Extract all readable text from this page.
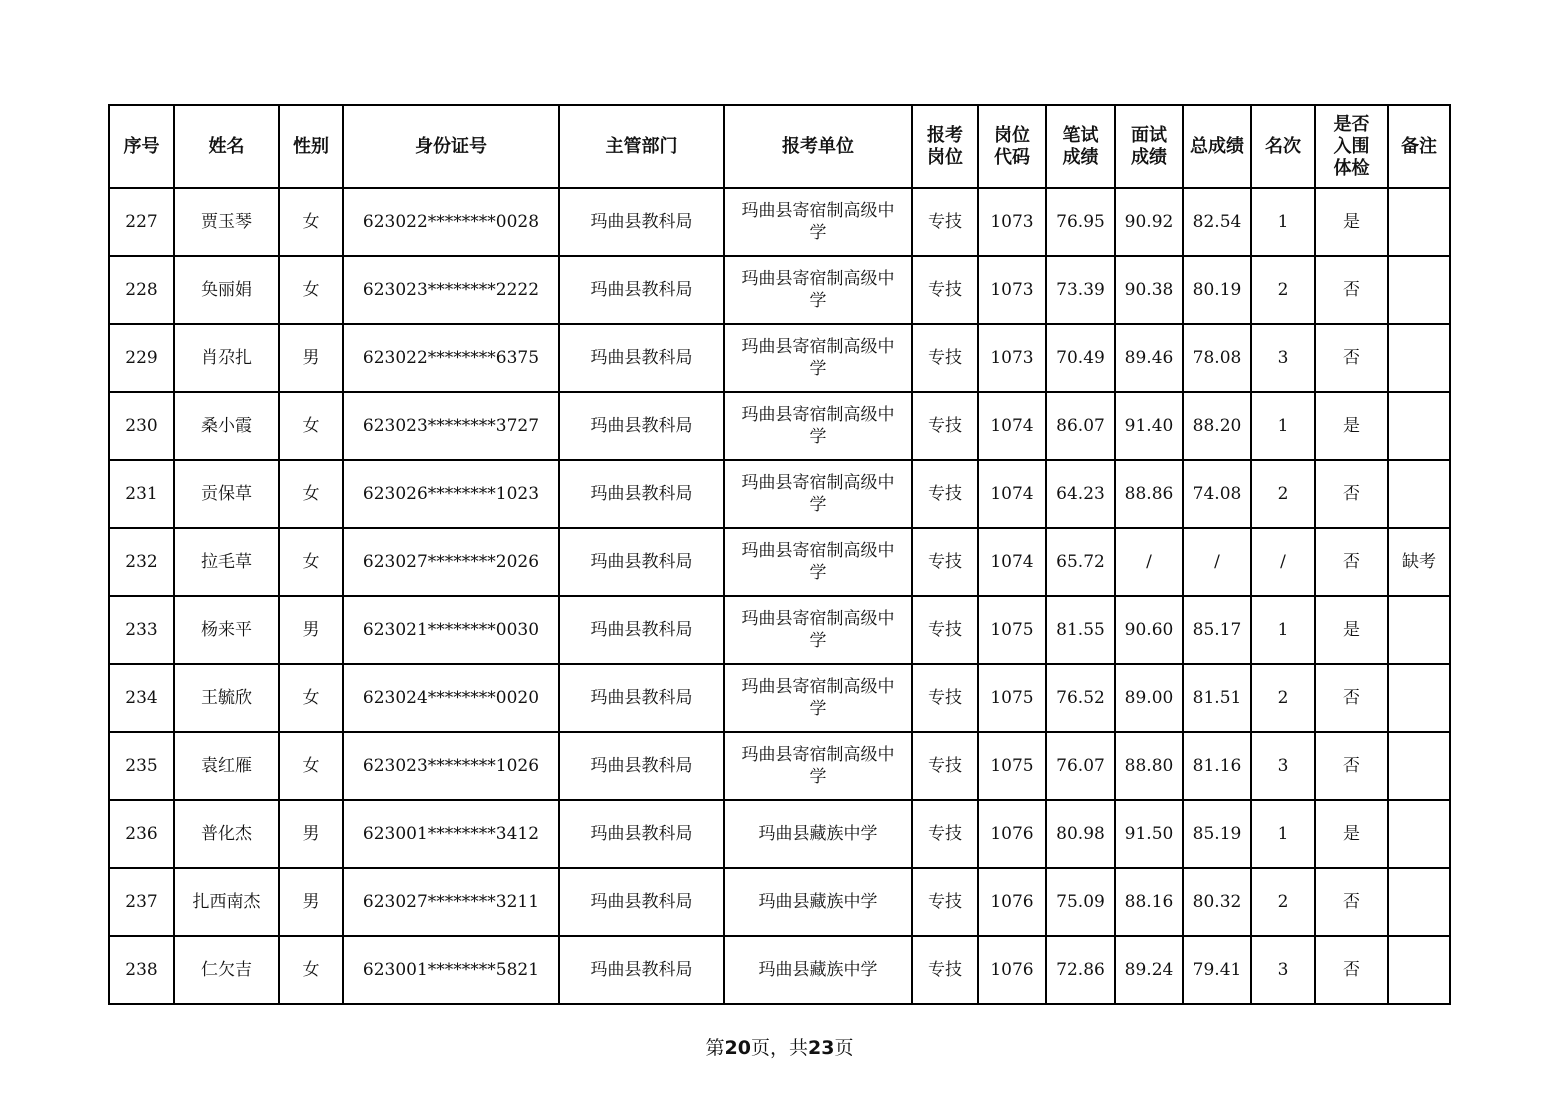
序号	姓名	性别	身份证号	主管部门	报考单位	报考岗位	岗位代码	笔试成绩	面试成绩	总成绩	名次	是否入围体检	备注
227	贾玉琴	女	623022********0028	玛曲县教科局	玛曲县寄宿制高级中学	专技	1073	76.95	90.92	82.54	1	是	
228	奂丽娟	女	623023********2222	玛曲县教科局	玛曲县寄宿制高级中学	专技	1073	73.39	90.38	80.19	2	否	
229	肖尕扎	男	623022********6375	玛曲县教科局	玛曲县寄宿制高级中学	专技	1073	70.49	89.46	78.08	3	否	
230	桑小霞	女	623023********3727	玛曲县教科局	玛曲县寄宿制高级中学	专技	1074	86.07	91.40	88.20	1	是	
231	贡保草	女	623026********1023	玛曲县教科局	玛曲县寄宿制高级中学	专技	1074	64.23	88.86	74.08	2	否	
232	拉毛草	女	623027********2026	玛曲县教科局	玛曲县寄宿制高级中学	专技	1074	65.72	/	/	/	否	缺考
233	杨来平	男	623021********0030	玛曲县教科局	玛曲县寄宿制高级中学	专技	1075	81.55	90.60	85.17	1	是	
234	王毓欣	女	623024********0020	玛曲县教科局	玛曲县寄宿制高级中学	专技	1075	76.52	89.00	81.51	2	否	
235	袁红雁	女	623023********1026	玛曲县教科局	玛曲县寄宿制高级中学	专技	1075	76.07	88.80	81.16	3	否	
236	普化杰	男	623001********3412	玛曲县教科局	玛曲县藏族中学	专技	1076	80.98	91.50	85.19	1	是	
237	扎西南杰	男	623027********3211	玛曲县教科局	玛曲县藏族中学	专技	1076	75.09	88.16	80.32	2	否	
238	仁欠吉	女	623001********5821	玛曲县教科局	玛曲县藏族中学	专技	1076	72.86	89.24	79.41	3	否	
第20页，共23页
